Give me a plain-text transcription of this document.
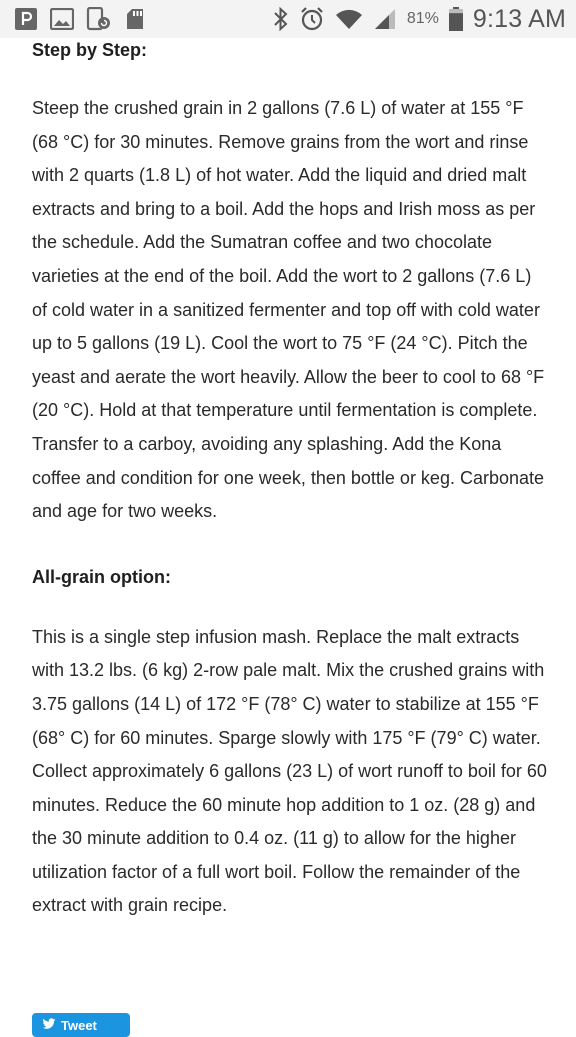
81% 9:13 AM
Step by Step:

Steep the crushed grain in 2 gallons (7.6 L) of water at 155 °F (68 °C) for 30 minutes. Remove grains from the wort and rinse with 2 quarts (1.8 L) of hot water. Add the liquid and dried malt extracts and bring to a boil. Add the hops and Irish moss as per the schedule. Add the Sumatran coffee and two chocolate varieties at the end of the boil. Add the wort to 2 gallons (7.6 L) of cold water in a sanitized fermenter and top off with cold water up to 5 gallons (19 L). Cool the wort to 75 °F (24 °C). Pitch the yeast and aerate the wort heavily. Allow the beer to cool to 68 °F (20 °C). Hold at that temperature until fermentation is complete. Transfer to a carboy, avoiding any splashing. Add the Kona coffee and condition for one week, then bottle or keg. Carbonate and age for two weeks.

All-grain option:

This is a single step infusion mash. Replace the malt extracts with 13.2 lbs. (6 kg) 2-row pale malt. Mix the crushed grains with 3.75 gallons (14 L) of 172 °F (78° C) water to stabilize at 155 °F (68° C) for 60 minutes. Sparge slowly with 175 °F (79° C) water. Collect approximately 6 gallons (23 L) of wort runoff to boil for 60 minutes. Reduce the 60 minute hop addition to 1 oz. (28 g) and the 30 minute addition to 0.4 oz. (11 g) to allow for the higher utilization factor of a full wort boil. Follow the remainder of the extract with grain recipe.

Tweet
